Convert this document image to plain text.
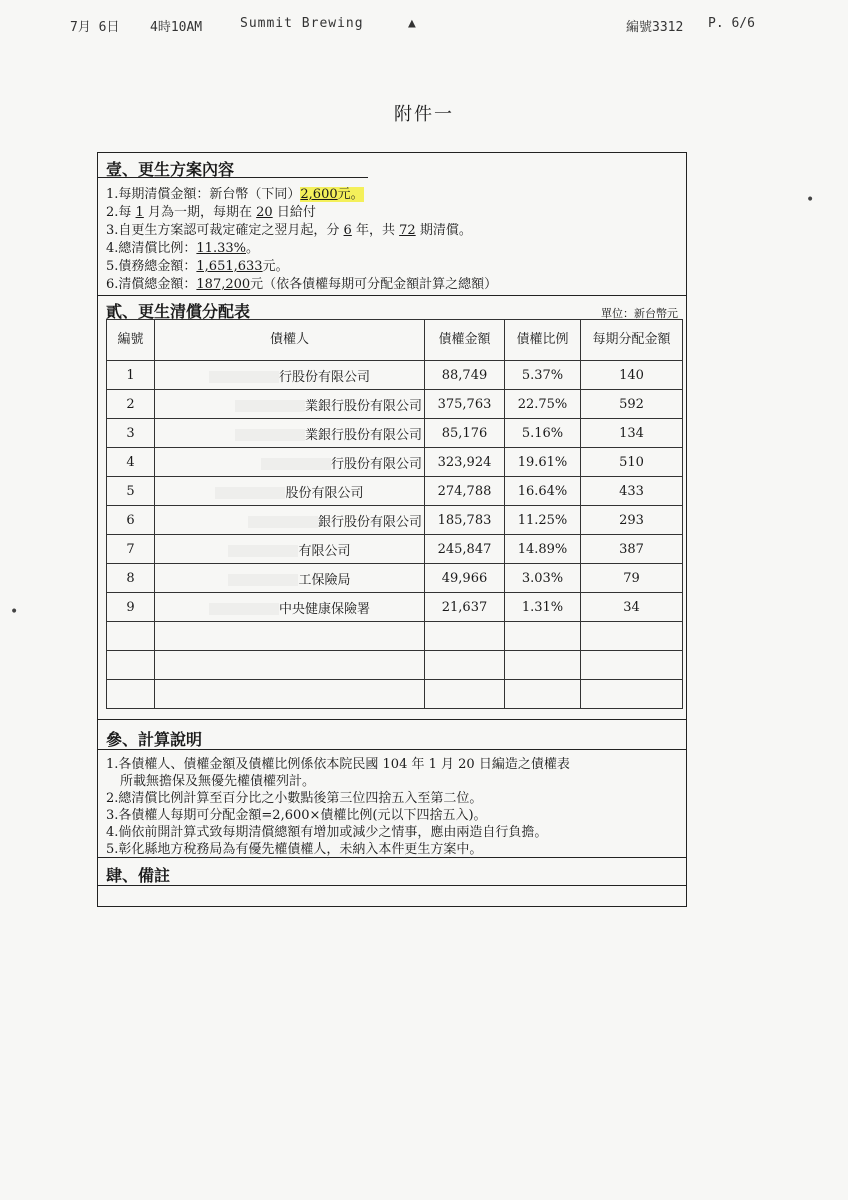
7月 6日 4時10AM	Summit Brewing	▲	編號3312 P. 6/6
•
•
附件一
壹、更生方案內容
1.每期清償金額：新台幣（下同）2,600元。
2.每 1 月為一期，每期在 20 日給付
3.自更生方案認可裁定確定之翌月起，分 6 年，共 72 期清償。
4.總清償比例：11.33%。
5.債務總金額：1,651,633元。
6.清償總金額：187,200元（依各債權每期可分配金額計算之總額）
貳、更生清償分配表	單位：新台幣元
編號	債權人	債權金額	債權比例	每期分配金額
1	行股份有限公司	88,749	5.37%	140
2	業銀行股份有限公司	375,763	22.75%	592
3	業銀行股份有限公司	85,176	5.16%	134
4	行股份有限公司	323,924	19.61%	510
5	股份有限公司	274,788	16.64%	433
6	銀行股份有限公司	185,783	11.25%	293
7	有限公司	245,847	14.89%	387
8	工保險局	49,966	3.03%	79
9	中央健康保險署	21,637	1.31%	34

參、計算說明
1.各債權人、債權金額及債權比例係依本院民國 104 年 1 月 20 日編造之債權表
所載無擔保及無優先權債權列計。
2.總清償比例計算至百分比之小數點後第三位四捨五入至第二位。
3.各債權人每期可分配金額=2,600×債權比例(元以下四捨五入)。
4.倘依前開計算式致每期清償總額有增加或減少之情事，應由兩造自行負擔。
5.彰化縣地方稅務局為有優先權債權人，未納入本件更生方案中。
肆、備註
